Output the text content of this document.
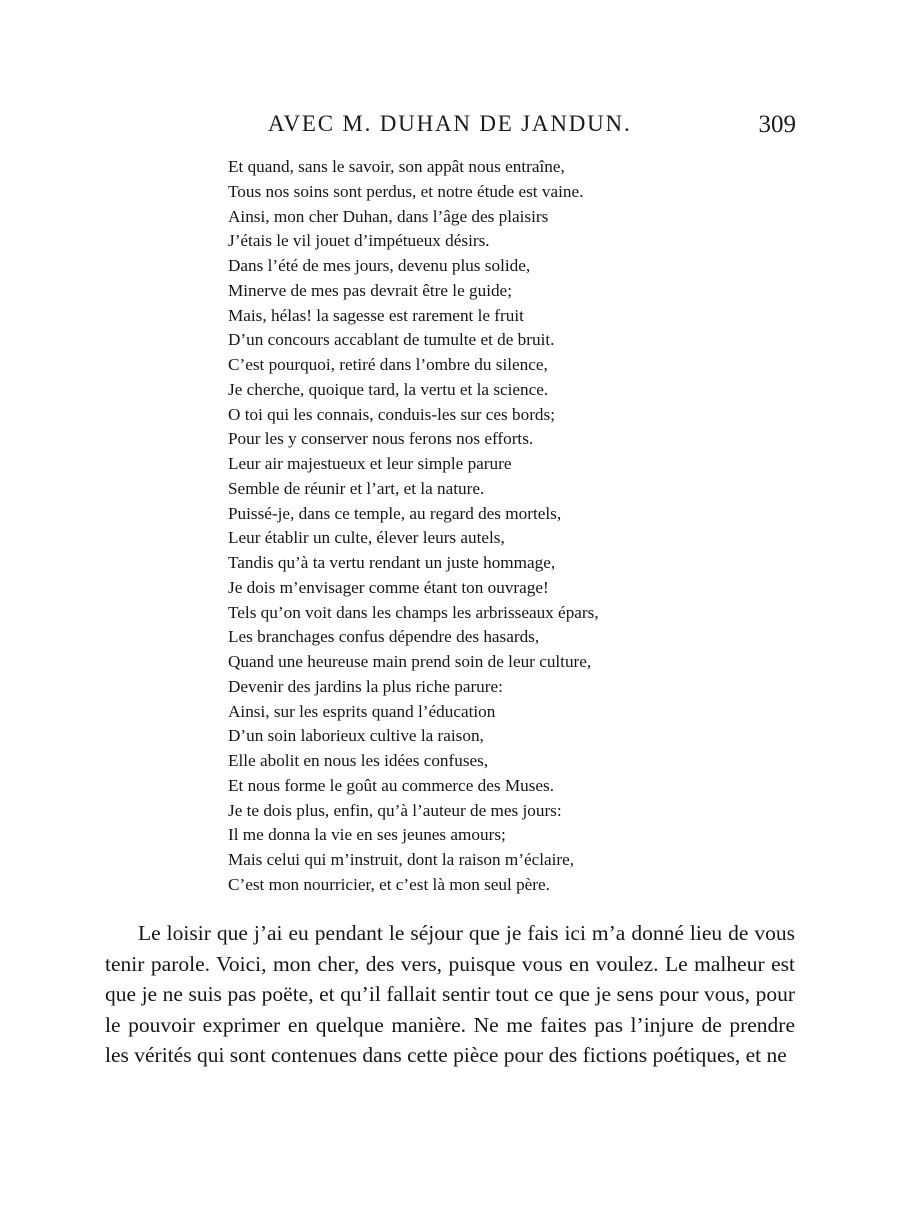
AVEC M. DUHAN DE JANDUN.	309
Et quand, sans le savoir, son appât nous entraîne,
Tous nos soins sont perdus, et notre étude est vaine.
Ainsi, mon cher Duhan, dans l’âge des plaisirs
J’étais le vil jouet d’impétueux désirs.
Dans l’été de mes jours, devenu plus solide,
Minerve de mes pas devrait être le guide;
Mais, hélas! la sagesse est rarement le fruit
D’un concours accablant de tumulte et de bruit.
C’est pourquoi, retiré dans l’ombre du silence,
Je cherche, quoique tard, la vertu et la science.
O toi qui les connais, conduis-les sur ces bords;
Pour les y conserver nous ferons nos efforts.
Leur air majestueux et leur simple parure
Semble de réunir et l’art, et la nature.
Puissé-je, dans ce temple, au regard des mortels,
Leur établir un culte, élever leurs autels,
Tandis qu’à ta vertu rendant un juste hommage,
Je dois m’envisager comme étant ton ouvrage!
Tels qu’on voit dans les champs les arbrisseaux épars,
Les branchages confus dépendre des hasards,
Quand une heureuse main prend soin de leur culture,
Devenir des jardins la plus riche parure:
Ainsi, sur les esprits quand l’éducation
D’un soin laborieux cultive la raison,
Elle abolit en nous les idées confuses,
Et nous forme le goût au commerce des Muses.
Je te dois plus, enfin, qu’à l’auteur de mes jours:
Il me donna la vie en ses jeunes amours;
Mais celui qui m’instruit, dont la raison m’éclaire,
C’est mon nourricier, et c’est là mon seul père.

Le loisir que j’ai eu pendant le séjour que je fais ici m’a donné lieu de vous tenir parole. Voici, mon cher, des vers, puisque vous en voulez. Le malheur est que je ne suis pas poëte, et qu’il fallait sentir tout ce que je sens pour vous, pour le pouvoir exprimer en quelque manière. Ne me faites pas l’injure de prendre les vérités qui sont contenues dans cette pièce pour des fictions poétiques, et ne
